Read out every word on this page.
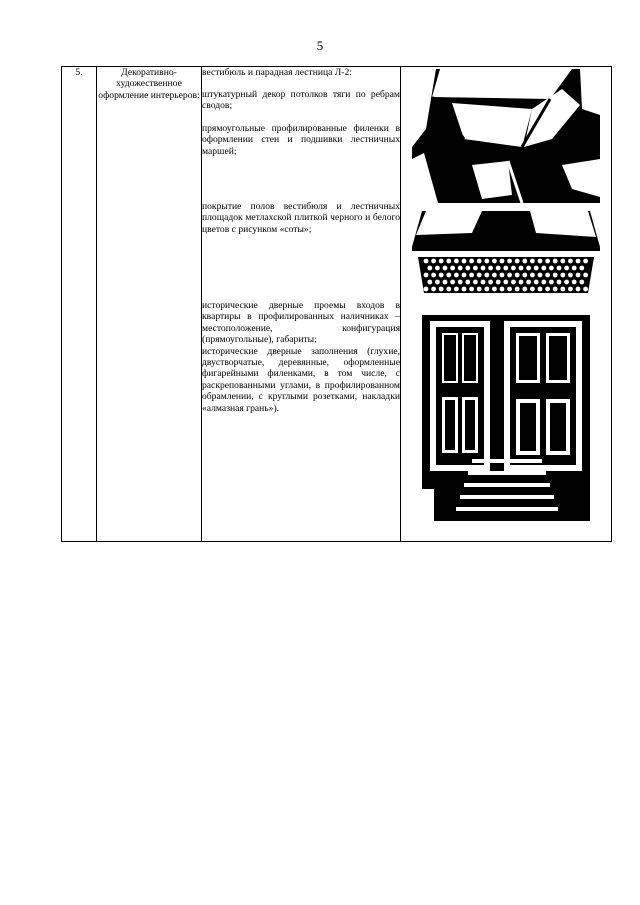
5
5.	Декоративно-художественное оформление интерьеров:	
вестибюль и парадная лестница Л-2:
штукатурный декор потолков тяги по ребрам сводов;
прямоугольные профилированные филенки в оформлении стен и подшивки лестничных маршей;
покрытие полов вестибюля и лестничных площадок метлахской плиткой черного и белого цветов с рисунком «соты»;
исторические дверные проемы входов в квартиры в профилированных наличниках – местоположение, конфигурация (прямоугольные), габариты;
исторические дверные заполнения (глухие, двустворчатые, деревянные, оформленные фигарейными филенками, в том числе, с раскрепованными углами, в профилированном обрамлении, с круглыми розетками, накладки «алмазная грань»).
